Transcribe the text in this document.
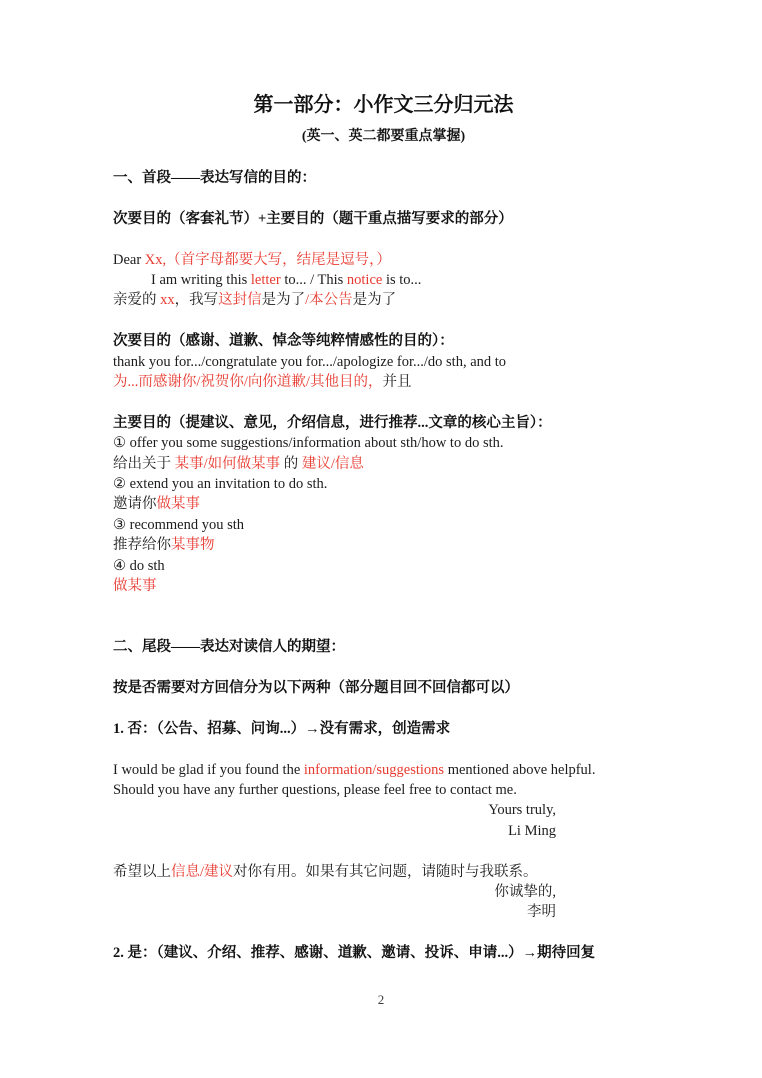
第一部分：小作文三分归元法
(英一、英二都要重点掌握)
一、首段——表达写信的目的：
次要目的（客套礼节）+主要目的（题干重点描写要求的部分）
Dear Xx,（首字母都要大写，结尾是逗号，）
I am writing this letter to... / This notice is to...
亲爱的 xx，我写这封信是为了/本公告是为了
次要目的（感谢、道歉、悼念等纯粹情感性的目的）：
thank you for.../congratulate you for.../apologize for.../do sth, and to
为...而感谢你/祝贺你/向你道歉/其他目的，并且
主要目的（提建议、意见，介绍信息，进行推荐...文章的核心主旨）：
① offer you some suggestions/information about sth/how to do sth.
给出关于 某事/如何做某事 的 建议/信息
② extend you an invitation to do sth.
邀请你做某事
③ recommend you sth
推荐给你某事物
④ do sth
做某事
二、尾段——表达对读信人的期望：
按是否需要对方回信分为以下两种（部分题目回不回信都可以）
1. 否：（公告、招募、问询...）→没有需求，创造需求
I would be glad if you found the information/suggestions mentioned above helpful.
Should you have any further questions, please feel free to contact me.
Yours truly,
Li Ming
希望以上信息/建议对你有用。如果有其它问题，请随时与我联系。
你诚挚的,
李明
2. 是：（建议、介绍、推荐、感谢、道歉、邀请、投诉、申请...）→期待回复
2
